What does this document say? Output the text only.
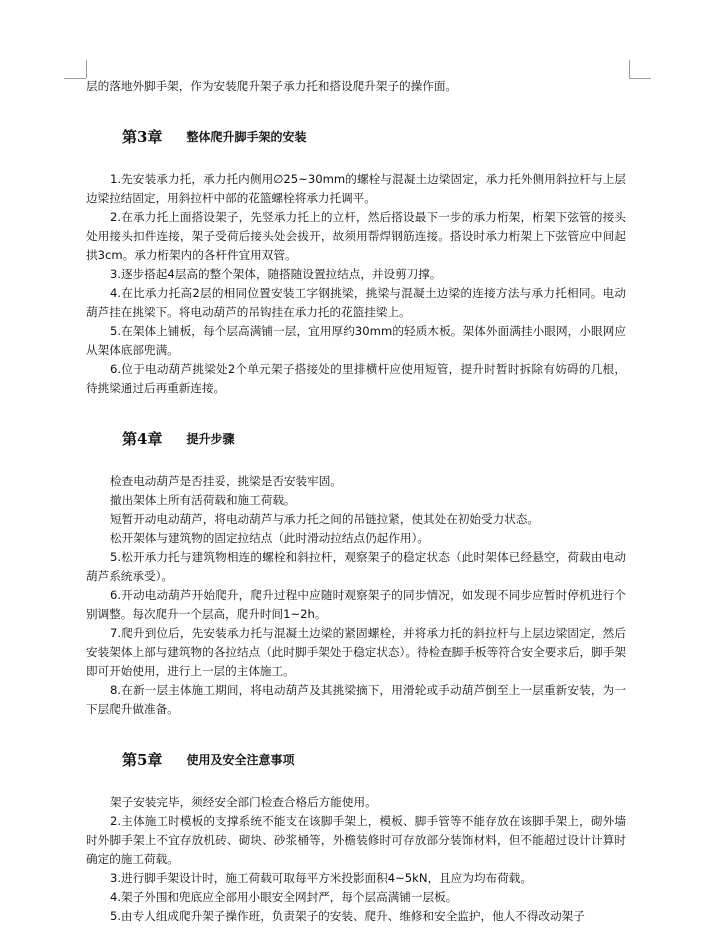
层的落地外脚手架，作为安装爬升架子承力托和搭设爬升架子的操作面。

第3章 整体爬升脚手架的安装

1.先安装承力托，承力托内侧用∅25~30mm的螺栓与混凝土边梁固定，承力托外侧用斜拉杆与上层边梁拉结固定，用斜拉杆中部的花篮螺栓将承力托调平。

2.在承力托上面搭设架子，先竖承力托上的立杆，然后搭设最下一步的承力桁架，桁架下弦管的接头处用接头扣件连接，架子受荷后接头处会拔开，故须用帮焊钢筋连接。搭设时承力桁架上下弦管应中间起拱3cm。承力桁架内的各杆件宜用双管。

3.逐步搭起4层高的整个架体，随搭随设置拉结点，并设剪刀撑。

4.在比承力托高2层的相同位置安装工字钢挑梁，挑梁与混凝土边梁的连接方法与承力托相同。电动葫芦挂在挑梁下。将电动葫芦的吊钩挂在承力托的花篮挂梁上。

5.在架体上铺板，每个层高满铺一层，宜用厚约30mm的轻质木板。架体外面满挂小眼网，小眼网应从架体底部兜满。

6.位于电动葫芦挑梁处2个单元架子搭接处的里排横杆应使用短管，提升时暂时拆除有妨碍的几根，待挑梁通过后再重新连接。

第4章 提升步骤

检查电动葫芦是否挂妥，挑梁是否安装牢固。

撤出架体上所有活荷载和施工荷载。

短暂开动电动葫芦，将电动葫芦与承力托之间的吊链拉紧，使其处在初始受力状态。

松开架体与建筑物的固定拉结点（此时滑动拉结点仍起作用）。

5.松开承力托与建筑物相连的螺栓和斜拉杆，观察架子的稳定状态（此时架体已经悬空，荷载由电动葫芦系统承受）。

6.开动电动葫芦开始爬升，爬升过程中应随时观察架子的同步情况，如发现不同步应暂时停机进行个别调整。每次爬升一个层高，爬升时间1~2h。

7.爬升到位后，先安装承力托与混凝土边梁的紧固螺栓，并将承力托的斜拉杆与上层边梁固定，然后安装架体上部与建筑物的各拉结点（此时脚手架处于稳定状态）。待检查脚手板等符合安全要求后，脚手架即可开始使用，进行上一层的主体施工。

8.在新一层主体施工期间，将电动葫芦及其挑梁摘下，用滑轮或手动葫芦倒至上一层重新安装，为一下层爬升做准备。

第5章 使用及安全注意事项

架子安装完毕，须经安全部门检查合格后方能使用。

2.主体施工时模板的支撑系统不能支在该脚手架上，模板、脚手管等不能存放在该脚手架上，砌外墙时外脚手架上不宜存放机砖、砌块、砂浆桶等，外檐装修时可存放部分装饰材料，但不能超过设计计算时确定的施工荷载。

3.进行脚手架设计时，施工荷载可取每平方米投影面积4~5kN，且应为均布荷载。

4.架子外围和兜底应全部用小眼安全网封严，每个层高满铺一层板。

5.由专人组成爬升架子操作班，负责架子的安装、爬升、维修和安全监护，他人不得改动架子
